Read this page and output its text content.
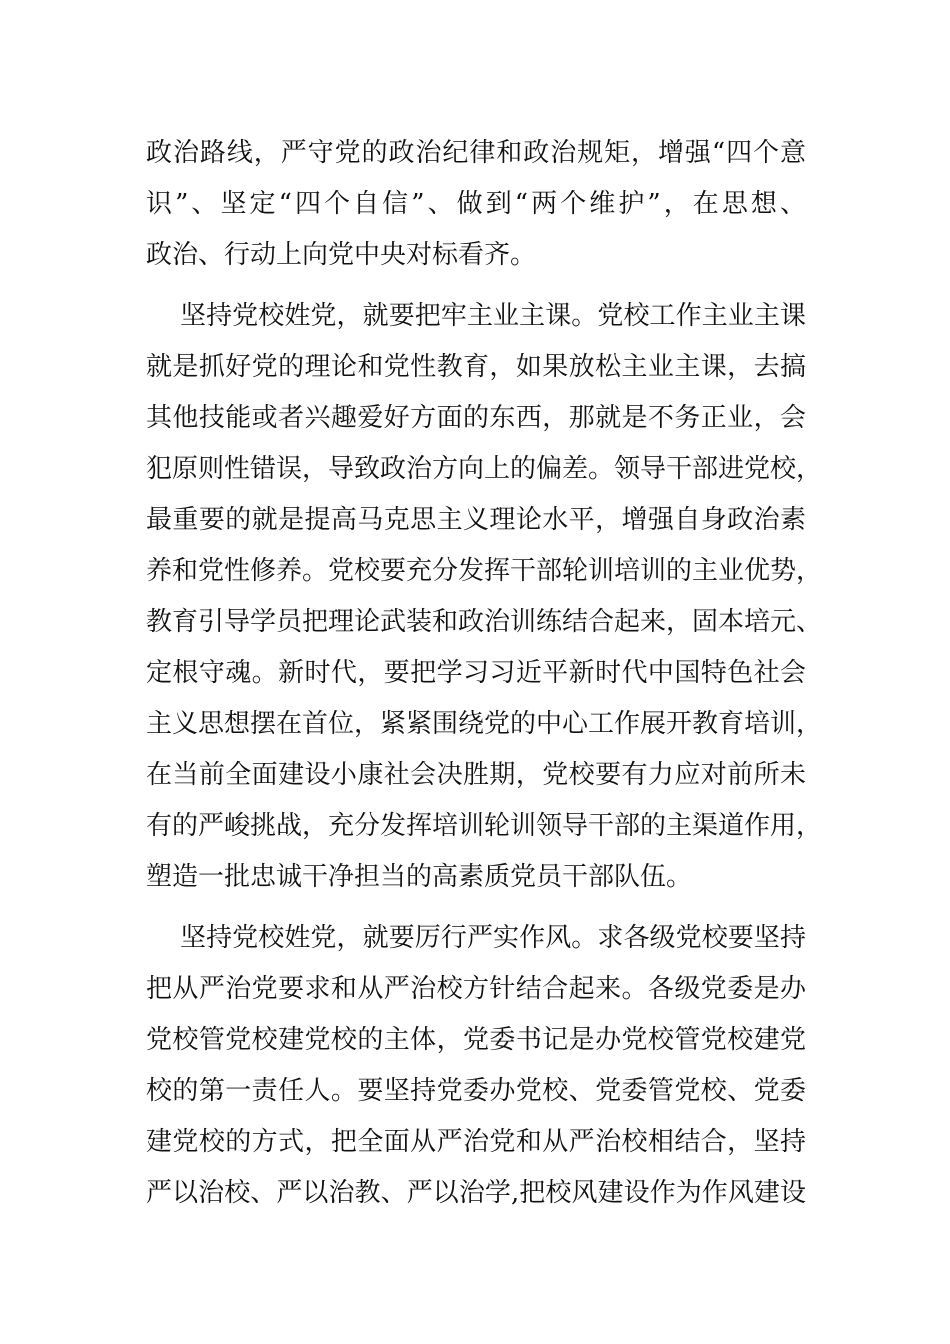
政治路线，严守党的政治纪律和政治规矩，增强“四个意
识”、坚定“四个自信”、做到“两个维护”，在思想、
政治、行动上向党中央对标看齐。
坚持党校姓党，就要把牢主业主课。党校工作主业主课
就是抓好党的理论和党性教育，如果放松主业主课，去搞
其他技能或者兴趣爱好方面的东西，那就是不务正业，会
犯原则性错误，导致政治方向上的偏差。领导干部进党校，
最重要的就是提高马克思主义理论水平，增强自身政治素
养和党性修养。党校要充分发挥干部轮训培训的主业优势，
教育引导学员把理论武装和政治训练结合起来，固本培元、
定根守魂。新时代，要把学习习近平新时代中国特色社会
主义思想摆在首位，紧紧围绕党的中心工作展开教育培训，
在当前全面建设小康社会决胜期，党校要有力应对前所未
有的严峻挑战，充分发挥培训轮训领导干部的主渠道作用，
塑造一批忠诚干净担当的高素质党员干部队伍。
坚持党校姓党，就要厉行严实作风。求各级党校要坚持
把从严治党要求和从严治校方针结合起来。各级党委是办
党校管党校建党校的主体，党委书记是办党校管党校建党
校的第一责任人。要坚持党委办党校、党委管党校、党委
建党校的方式，把全面从严治党和从严治校相结合，坚持
严以治校、严以治教、严以治学,把校风建设作为作风建设
